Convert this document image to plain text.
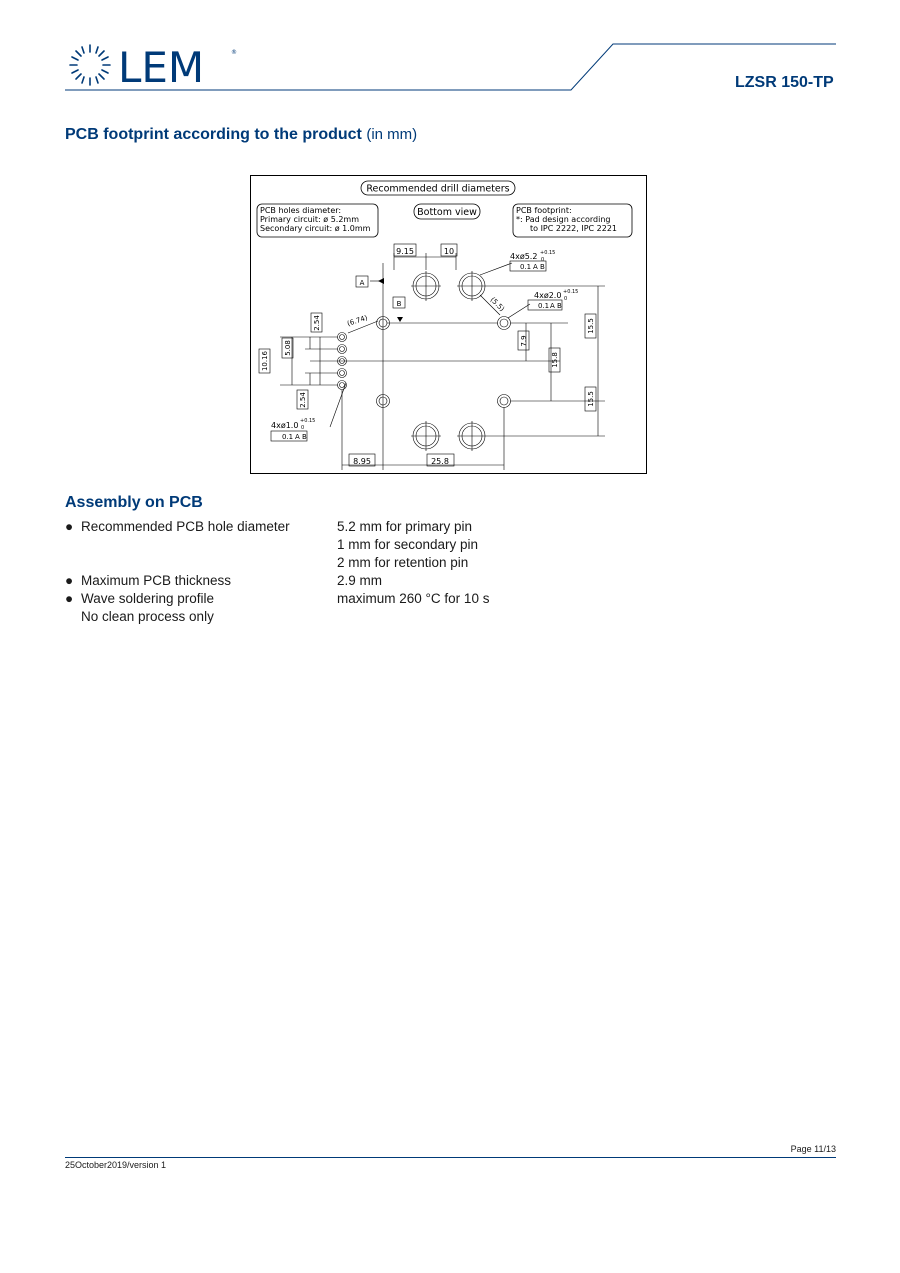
LEM	®
LZSR 150-TP
PCB footprint according to the product (in mm)
Recommended drill diameters
PCB holes diameter:
Primary circuit: ø 5.2mm
Secondary circuit: ø 1.0mm
Bottom view	PCB footprint:
*: Pad design according
to IPC 2222, IPC 2221
9.15	10
A
B
4xø5.2 +0.15
0
0.1 A B
4xø2.0 +0.15
0
0.1 A B
4xø1.0 +0.15
0
0.1 A B
(6.74)
(5.5)
2.54
5.08
10.16
2.54
7.9
15.8
15.5
15.5
8.95	25.8
Assembly on PCB
● Recommended PCB hole diameter	5.2 mm for primary pin
1 mm for secondary pin
2 mm for retention pin
● Maximum PCB thickness	2.9 mm
● Wave soldering profile	maximum 260 °C for 10 s
No clean process only
Page 11/13
25October2019/version 1
